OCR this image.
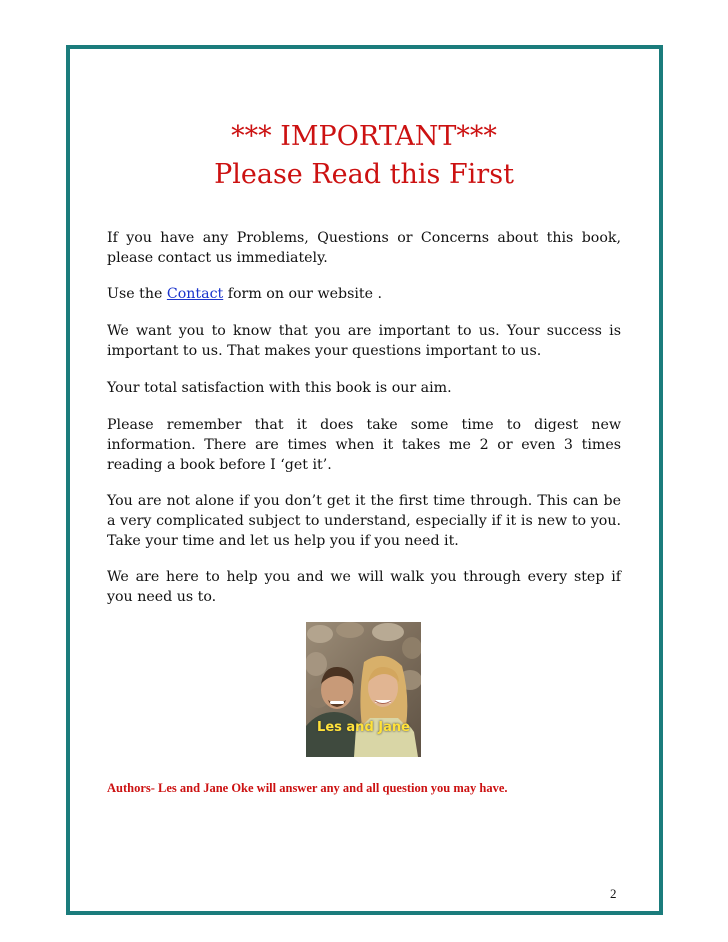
*** IMPORTANT***
Please Read this First
If you have any Problems, Questions or Concerns about this book,
please contact us immediately.
Use the Contact form on our website .
We want you to know that you are important to us. Your success is
important to us. That makes your questions important to us.
Your total satisfaction with this book is our aim.
Please remember that it does take some time to digest new
information. There are times when it takes me 2 or even 3 times
reading a book before I ‘get it’.
You are not alone if you don’t get it the first time through. This can be
a very complicated subject to understand, especially if it is new to you.
Take your time and let us help you if you need it.
We are here to help you and we will walk you through every step if
you need us to.
Les and Jane
Authors- Les and Jane Oke will answer any and all question you may have.
2
